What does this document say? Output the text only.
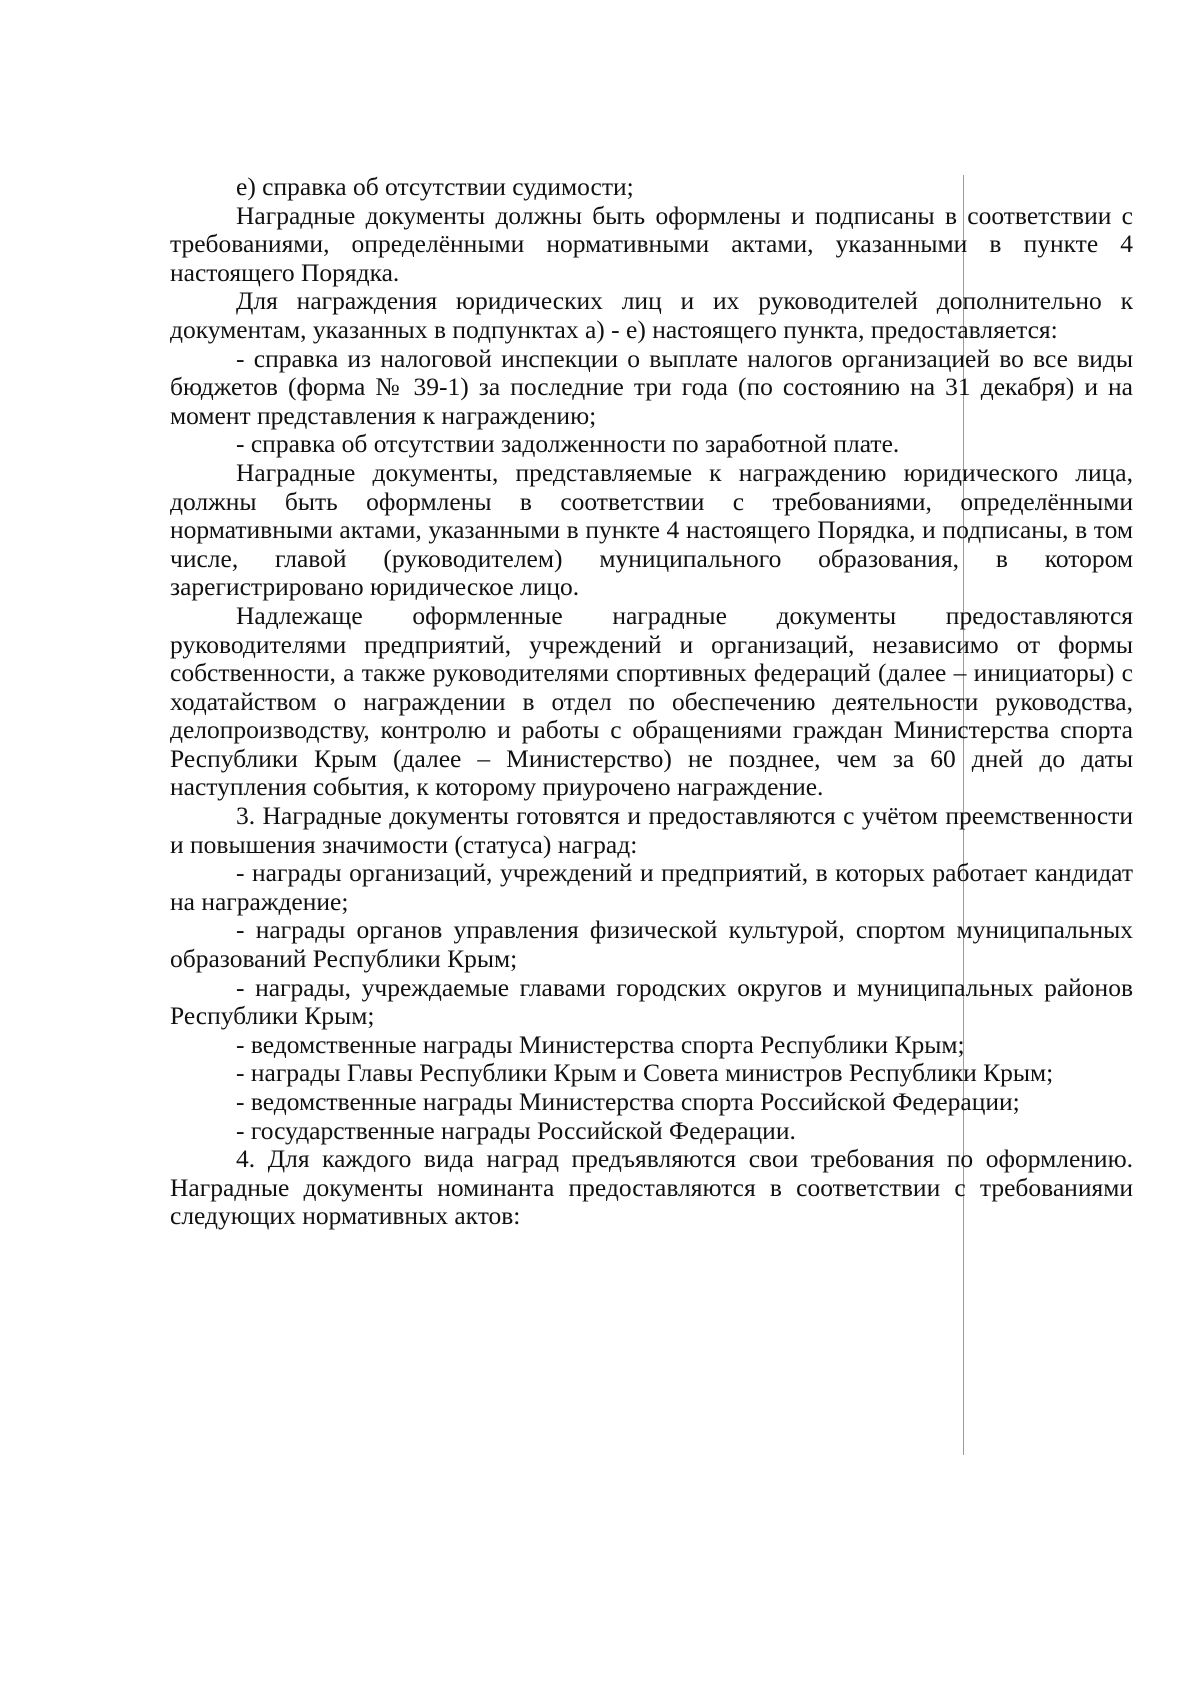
е) справка об отсутствии судимости;

Наградные документы должны быть оформлены и подписаны в соответствии с требованиями, определёнными нормативными актами, указанными в пункте 4 настоящего Порядка.

Для награждения юридических лиц и их руководителей дополнительно к документам, указанных в подпунктах а) - е) настоящего пункта, предоставляется:

- справка из налоговой инспекции о выплате налогов организацией во все виды бюджетов (форма № 39-1) за последние три года (по состоянию на 31 декабря) и на момент представления к награждению;

- справка об отсутствии задолженности по заработной плате.

Наградные документы, представляемые к награждению юридического лица, должны быть оформлены в соответствии с требованиями, определёнными нормативными актами, указанными в пункте 4 настоящего Порядка, и подписаны, в том числе, главой (руководителем) муниципального образования, в котором зарегистрировано юридическое лицо.

Надлежаще оформленные наградные документы предоставляются руководителями предприятий, учреждений и организаций, независимо от формы собственности, а также руководителями спортивных федераций (далее – инициаторы) с ходатайством о награждении в отдел по обеспечению деятельности руководства, делопроизводству, контролю и работы с обращениями граждан Министерства спорта Республики Крым (далее – Министерство) не позднее, чем за 60 дней до даты наступления события, к которому приурочено награждение.

3. Наградные документы готовятся и предоставляются с учётом преемственности и повышения значимости (статуса) наград:

- награды организаций, учреждений и предприятий, в которых работает кандидат на награждение;

- награды органов управления физической культурой, спортом муниципальных образований Республики Крым;

- награды, учреждаемые главами городских округов и муниципальных районов Республики Крым;

- ведомственные награды Министерства спорта Республики Крым;

- награды Главы Республики Крым и Совета министров Республики Крым;

- ведомственные награды Министерства спорта Российской Федерации;

- государственные награды Российской Федерации.

4. Для каждого вида наград предъявляются свои требования по оформлению. Наградные документы номинанта предоставляются в соответствии с требованиями следующих нормативных актов:
